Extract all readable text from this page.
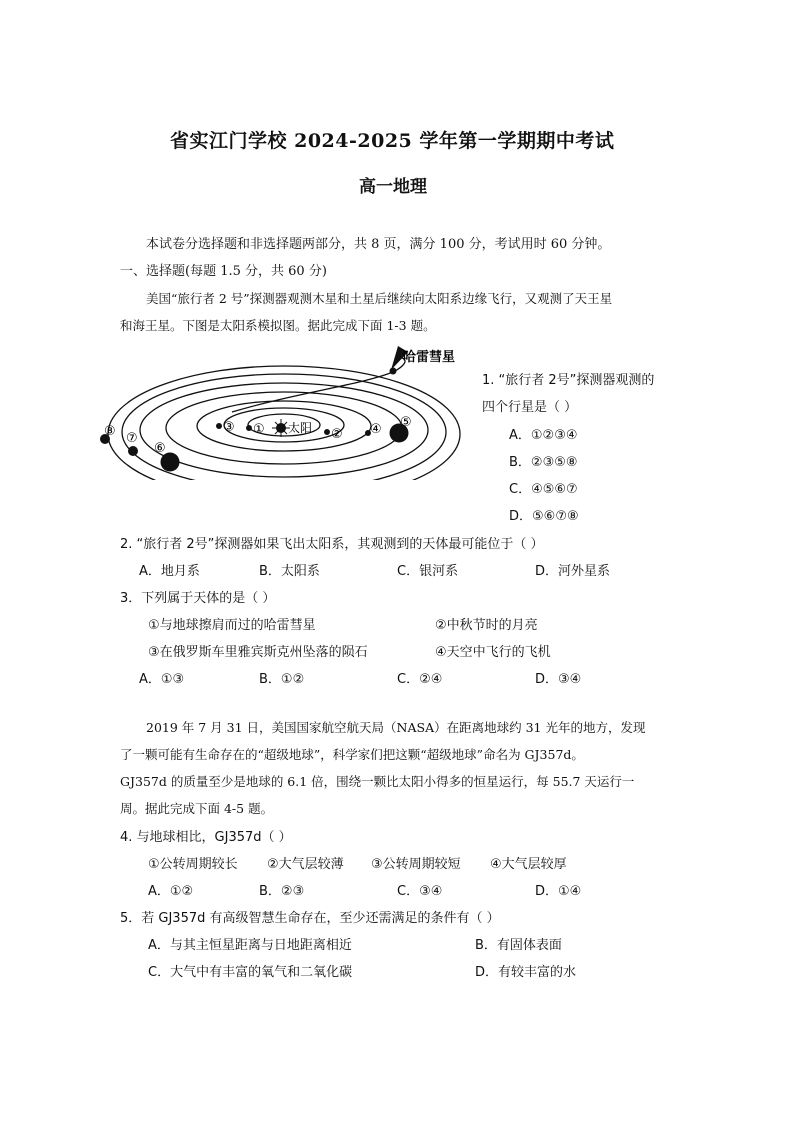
省实江门学校 2024-2025 学年第一学期期中考试
高一地理
本试卷分选择题和非选择题两部分，共 8 页，满分 100 分，考试用时 60 分钟。
一、选择题(每题 1.5 分，共 60 分)
美国“旅行者 2 号”探测器观测木星和土星后继续向太阳系边缘飞行，又观测了天王星
和海王星。下图是太阳系模拟图。据此完成下面 1-3 题。
哈雷彗星
太阳
①	②
③	④ ⑤
⑥
⑦
⑧
1. “旅行者 2号”探测器观测的
四个行星是（ ）
A．①②③④
B．②③⑤⑧
C．④⑤⑥⑦
D．⑤⑥⑦⑧
2. “旅行者 2号”探测器如果飞出太阳系，其观测到的天体最可能位于（ ）
A．地月系	B．太阳系	C．银河系	D．河外星系
3．下列属于天体的是（ ）
①与地球擦肩而过的哈雷彗星	②中秋节时的月亮
③在俄罗斯车里雅宾斯克州坠落的陨石	④天空中飞行的飞机
A．①③	B．①②	C．②④	D．③④
2019 年 7 月 31 日，美国国家航空航天局（NASA）在距离地球约 31 光年的地方，发现
了一颗可能有生命存在的“超级地球”，科学家们把这颗“超级地球”命名为 GJ357d。
GJ357d 的质量至少是地球的 6.1 倍，围绕一颗比太阳小得多的恒星运行，每 55.7 天运行一
周。据此完成下面 4-5 题。
4. 与地球相比，GJ357d（ ）
①公转周期较长 ②大气层较薄 ③公转周期较短 ④大气层较厚
A．①②	B．②③	C．③④	D．①④
5．若 GJ357d 有高级智慧生命存在，至少还需满足的条件有（ ）
A．与其主恒星距离与日地距离相近	B．有固体表面
C．大气中有丰富的氧气和二氧化碳	D．有较丰富的水
